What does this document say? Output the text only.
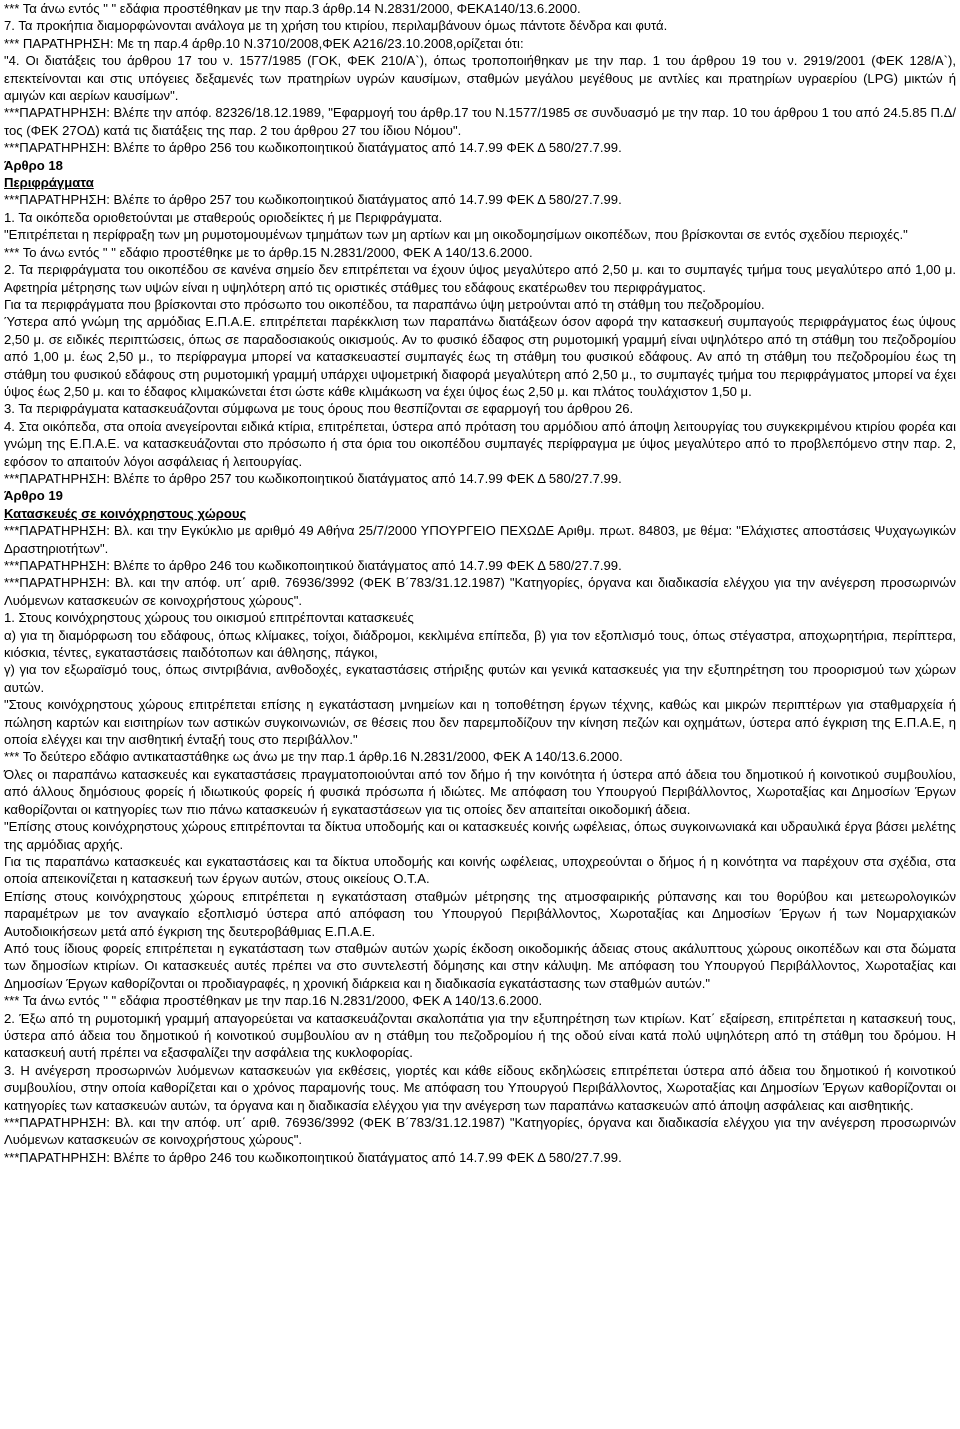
*** Τα άνω εντός " " εδάφια προστέθηκαν με την παρ.3 άρθρ.14 Ν.2831/2000, ΦΕΚΑ140/13.6.2000.

7. Τα προκήπια διαμορφώνονται ανάλογα με τη χρήση του κτιρίου, περιλαμβάνουν όμως πάντοτε δένδρα και φυτά.

*** ΠΑΡΑΤΗΡΗΣΗ: Με τη παρ.4 άρθρ.10 Ν.3710/2008,ΦΕΚ Α216/23.10.2008,ορίζεται ότι:

"4. Οι διατάξεις του άρθρου 17 του ν. 1577/1985 (ΓΟΚ, ΦΕΚ 210/Α`), όπως τροποποιήθηκαν με την παρ. 1 του άρθρου 19 του ν. 2919/2001 (ΦΕΚ 128/Α`), επεκτείνονται και στις υπόγειες δεξαμενές των πρατηρίων υγρών καυσίμων, σταθμών μεγάλου μεγέθους με αντλίες και πρατηρίων υγραερίου (LPG) μικτών ή αμιγών και αερίων καυσίμων".

***ΠΑΡΑΤΗΡΗΣΗ: Βλέπε την απόφ. 82326/18.12.1989, "Εφαρμογή του άρθρ.17 του Ν.1577/1985 σε συνδυασμό με την παρ. 10 του άρθρου 1 του από 24.5.85 Π.Δ/τος (ΦΕΚ 27ΟΔ) κατά τις διατάξεις της παρ. 2 του άρθρου 27 του ίδιου Νόμου".

***ΠΑΡΑΤΗΡΗΣΗ: Βλέπε το άρθρο 256 του κωδικοποιητικού διατάγματος από 14.7.99 ΦΕΚ Δ 580/27.7.99.

Άρθρο 18

Περιφράγματα

***ΠΑΡΑΤΗΡΗΣΗ: Βλέπε το άρθρο 257 του κωδικοποιητικού διατάγματος από 14.7.99 ΦΕΚ Δ 580/27.7.99.

1. Τα οικόπεδα οριοθετούνται με σταθερούς οριοδείκτες ή με Περιφράγματα.

"Επιτρέπεται η περίφραξη των μη ρυμοτομουμένων τμημάτων των μη αρτίων και μη οικοδομησίμων οικοπέδων, που βρίσκονται σε εντός σχεδίου περιοχές."

*** Το άνω εντός " " εδάφιο προστέθηκε με το άρθρ.15 Ν.2831/2000, ΦΕΚ Α 140/13.6.2000.

2. Τα περιφράγματα του οικοπέδου σε κανένα σημείο δεν επιτρέπεται να έχουν ύψος μεγαλύτερο από 2,50 μ. και το συμπαγές τμήμα τους μεγαλύτερο από 1,00 μ. Αφετηρία μέτρησης των υψών είναι η υψηλότερη από τις οριστικές στάθμες του εδάφους εκατέρωθεν του περιφράγματος.

Για τα περιφράγματα που βρίσκονται στο πρόσωπο του οικοπέδου, τα παραπάνω ύψη μετρούνται από τη στάθμη του πεζοδρομίου.

Ύστερα από γνώμη της αρμόδιας Ε.Π.Α.Ε. επιτρέπεται παρέκκλιση των παραπάνω διατάξεων όσον αφορά την κατασκευή συμπαγούς περιφράγματος έως ύψους 2,50 μ. σε ειδικές περιπτώσεις, όπως σε παραδοσιακούς οικισμούς. Αν το φυσικό έδαφος στη ρυμοτομική γραμμή είναι υψηλότερο από τη στάθμη του πεζοδρομίου από 1,00 μ. έως 2,50 μ., το περίφραγμα μπορεί να κατασκευαστεί συμπαγές έως τη στάθμη του φυσικού εδάφους. Αν από τη στάθμη του πεζοδρομίου έως τη στάθμη του φυσικού εδάφους στη ρυμοτομική γραμμή υπάρχει υψομετρική διαφορά μεγαλύτερη από 2,50 μ., το συμπαγές τμήμα του περιφράγματος μπορεί να έχει ύψος έως 2,50 μ. και το έδαφος κλιμακώνεται έτσι ώστε κάθε κλιμάκωση να έχει ύψος έως 2,50 μ. και πλάτος τουλάχιστον 1,50 μ.

3. Τα περιφράγματα κατασκευάζονται σύμφωνα με τους όρους που θεσπίζονται σε εφαρμογή του άρθρου 26.

4. Στα οικόπεδα, στα οποία ανεγείρονται ειδικά κτίρια, επιτρέπεται, ύστερα από πρόταση του αρμόδιου από άποψη λειτουργίας του συγκεκριμένου κτιρίου φορέα και γνώμη της Ε.Π.Α.Ε. να κατασκευάζονται στο πρόσωπο ή στα όρια του οικοπέδου συμπαγές περίφραγμα με ύψος μεγαλύτερο από το προβλεπόμενο στην παρ. 2, εφόσον το απαιτούν λόγοι ασφάλειας ή λειτουργίας.

***ΠΑΡΑΤΗΡΗΣΗ: Βλέπε το άρθρο 257 του κωδικοποιητικού διατάγματος από 14.7.99 ΦΕΚ Δ 580/27.7.99.

Άρθρο 19

Κατασκευές σε κοινόχρηστους χώρους

***ΠΑΡΑΤΗΡΗΣΗ: Βλ. και την Εγκύκλιο με αριθμό 49 Αθήνα 25/7/2000 ΥΠΟΥΡΓΕΙΟ ΠΕΧΩΔΕ Αριθμ. πρωτ. 84803, με θέμα: "Ελάχιστες αποστάσεις Ψυχαγωγικών Δραστηριοτήτων".

***ΠΑΡΑΤΗΡΗΣΗ: Βλέπε το άρθρο 246 του κωδικοποιητικού διατάγματος από 14.7.99 ΦΕΚ Δ 580/27.7.99.

***ΠΑΡΑΤΗΡΗΣΗ: Βλ. και την απόφ. υπ΄ αριθ. 76936/3992 (ΦΕΚ Β΄783/31.12.1987) "Κατηγορίες, όργανα και διαδικασία ελέγχου για την ανέγερση προσωρινών Λυόμενων κατασκευών σε κοινοχρήστους χώρους".

1. Στους κοινόχρηστους χώρους του οικισμού επιτρέπονται κατασκευές

α) για τη διαμόρφωση του εδάφους, όπως κλίμακες, τοίχοι, διάδρομοι, κεκλιμένα επίπεδα, β) για τον εξοπλισμό τους, όπως στέγαστρα, αποχωρητήρια, περίπτερα, κιόσκια, τέντες, εγκαταστάσεις παιδότοπων και άθλησης, πάγκοι,

γ) για τον εξωραϊσμό τους, όπως σιντριβάνια, ανθοδοχές, εγκαταστάσεις στήριξης φυτών και γενικά κατασκευές για την εξυπηρέτηση του προορισμού των χώρων αυτών.

"Στους κοινόχρηστους χώρους επιτρέπεται επίσης η εγκατάσταση μνημείων και η τοποθέτηση έργων τέχνης, καθώς και μικρών περιπτέρων για σταθμαρχεία ή πώληση καρτών και εισιτηρίων των αστικών συγκοινωνιών, σε θέσεις που δεν παρεμποδίζουν την κίνηση πεζών και οχημάτων, ύστερα από έγκριση της Ε.Π.Α.Ε, η οποία ελέγχει και την αισθητική ένταξή τους στο περιβάλλον."

*** Το δεύτερο εδάφιο αντικαταστάθηκε ως άνω με την παρ.1 άρθρ.16 Ν.2831/2000, ΦΕΚ Α 140/13.6.2000.

Όλες οι παραπάνω κατασκευές και εγκαταστάσεις πραγματοποιούνται από τον δήμο ή την κοινότητα ή ύστερα από άδεια του δημοτικού ή κοινοτικού συμβουλίου, από άλλους δημόσιους φορείς ή ιδιωτικούς φορείς ή φυσικά πρόσωπα ή ιδιώτες. Με απόφαση του Υπουργού Περιβάλλοντος, Χωροταξίας και Δημοσίων Έργων καθορίζονται οι κατηγορίες των πιο πάνω κατασκευών ή εγκαταστάσεων για τις οποίες δεν απαιτείται οικοδομική άδεια.

"Επίσης στους κοινόχρηστους χώρους επιτρέπονται τα δίκτυα υποδομής και οι κατασκευές κοινής ωφέλειας, όπως συγκοινωνιακά και υδραυλικά έργα βάσει μελέτης της αρμόδιας αρχής.

Για τις παραπάνω κατασκευές και εγκαταστάσεις και τα δίκτυα υποδομής και κοινής ωφέλειας, υποχρεούνται ο δήμος ή η κοινότητα να παρέχουν στα σχέδια, στα οποία απεικονίζεται η κατασκευή των έργων αυτών, στους οικείους Ο.Τ.Α.

Επίσης στους κοινόχρηστους χώρους επιτρέπεται η εγκατάσταση σταθμών μέτρησης της ατμοσφαιρικής ρύπανσης και του θορύβου και μετεωρολογικών παραμέτρων με τον αναγκαίο εξοπλισμό ύστερα από απόφαση του Υπουργού Περιβάλλοντος, Χωροταξίας και Δημοσίων Έργων ή των Νομαρχιακών Αυτοδιοικήσεων μετά από έγκριση της δευτεροβάθμιας Ε.Π.Α.Ε.

Από τους ίδιους φορείς επιτρέπεται η εγκατάσταση των σταθμών αυτών χωρίς έκδοση οικοδομικής άδειας στους ακάλυπτους χώρους οικοπέδων και στα δώματα των δημοσίων κτιρίων. Οι κατασκευές αυτές πρέπει να στο συντελεστή δόμησης και στην κάλυψη. Με απόφαση του Υπουργού Περιβάλλοντος, Χωροταξίας και Δημοσίων Έργων καθορίζονται οι προδιαγραφές, η χρονική διάρκεια και η διαδικασία εγκατάστασης των σταθμών αυτών."

*** Τα άνω εντός " " εδάφια προστέθηκαν με την παρ.16 Ν.2831/2000, ΦΕΚ Α 140/13.6.2000.

2. Έξω από τη ρυμοτομική γραμμή απαγορεύεται να κατασκευάζονται σκαλοπάτια για την εξυπηρέτηση των κτιρίων. Κατ΄ εξαίρεση, επιτρέπεται η κατασκευή τους, ύστερα από άδεια του δημοτικού ή κοινοτικού συμβουλίου αν η στάθμη του πεζοδρομίου ή της οδού είναι κατά πολύ υψηλότερη από τη στάθμη του δρόμου. Η κατασκευή αυτή πρέπει να εξασφαλίζει την ασφάλεια της κυκλοφορίας.

3. Η ανέγερση προσωρινών λυόμενων κατασκευών για εκθέσεις, γιορτές και κάθε είδους εκδηλώσεις επιτρέπεται ύστερα από άδεια του δημοτικού ή κοινοτικού συμβουλίου, στην οποία καθορίζεται και ο χρόνος παραμονής τους. Με απόφαση του Υπουργού Περιβάλλοντος, Χωροταξίας και Δημοσίων Έργων καθορίζονται οι κατηγορίες των κατασκευών αυτών, τα όργανα και η διαδικασία ελέγχου για την ανέγερση των παραπάνω κατασκευών από άποψη ασφάλειας και αισθητικής.

***ΠΑΡΑΤΗΡΗΣΗ: Βλ. και την απόφ. υπ΄ αριθ. 76936/3992 (ΦΕΚ Β΄783/31.12.1987) "Κατηγορίες, όργανα και διαδικασία ελέγχου για την ανέγερση προσωρινών Λυόμενων κατασκευών σε κοινοχρήστους χώρους".

***ΠΑΡΑΤΗΡΗΣΗ: Βλέπε το άρθρο 246 του κωδικοποιητικού διατάγματος από 14.7.99 ΦΕΚ Δ 580/27.7.99.
